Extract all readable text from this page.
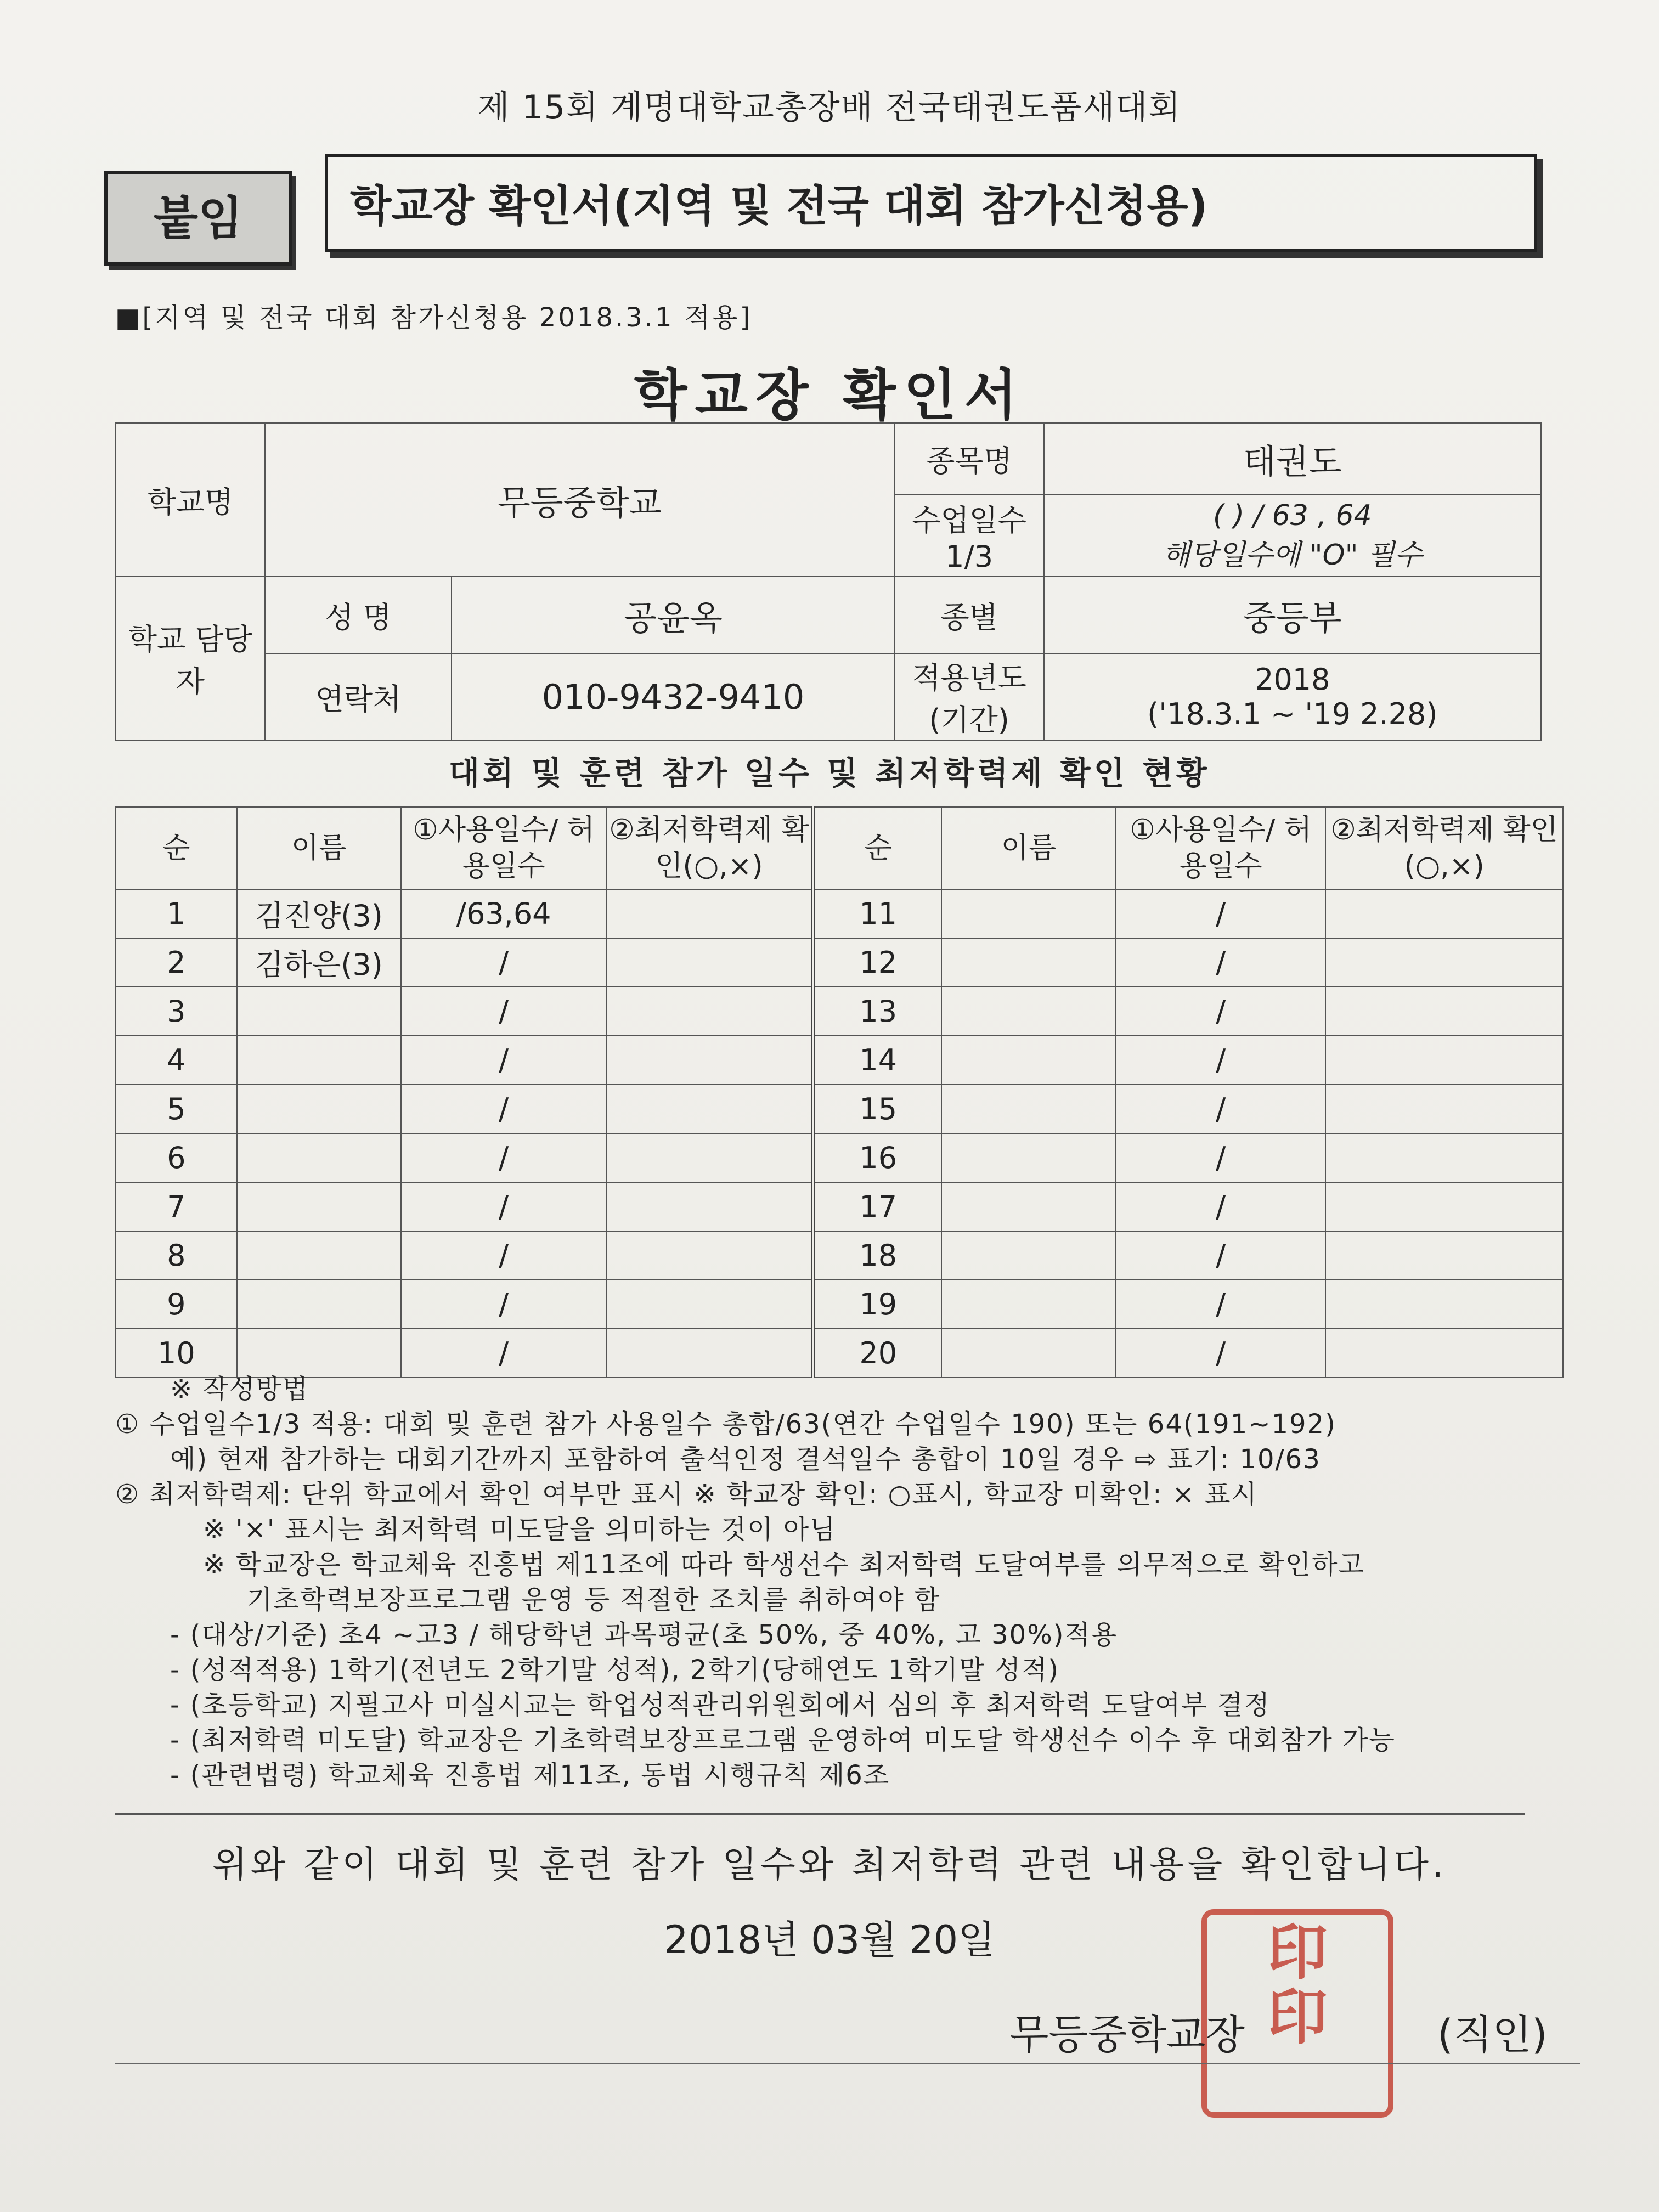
제 15회 계명대학교총장배 전국태권도품새대회
붙임	학교장 확인서(지역 및 전국 대회 참가신청용)
■[지역 및 전국 대회 참가신청용 2018.3.1 적용]
학교장 확인서
학교명	무등중학교		종목명	태권도
			수업일수 1/3	( ) / 63 , 64
해당일수에 "O" 필수

학교 담당자	성 명	공윤옥	종별	중등부
	연락처	010-9432-9410	적용년도 (기간)	2018
('18.3.1 ~ '19 2.28)
대회 및 훈련 참가 일수 및 최저학력제 확인 현황
순	이름	①사용일수/ 허용일수	②최저학력제 확인(○,×)	순	이름	①사용일수/ 허용일수	②최저학력제 확인(○,×)
1	김진양(3)	/63,64		11		/	
2	김하은(3)	/		12		/	
3		/		13		/	
4		/		14		/	
5		/		15		/	
6		/		16		/	
7		/		17		/	
8		/		18		/	
9		/		19		/	
10		/		20		/	

※ 작성방법

① 수업일수1/3 적용: 대회 및 훈련 참가 사용일수 총합/63(연간 수업일수 190) 또는 64(191~192)

예) 현재 참가하는 대회기간까지 포함하여 출석인정 결석일수 총합이 10일 경우 ⇨ 표기: 10/63

② 최저학력제: 단위 학교에서 확인 여부만 표시 ※ 학교장 확인: ○표시, 학교장 미확인: × 표시

※ '×' 표시는 최저학력 미도달을 의미하는 것이 아님

※ 학교장은 학교체육 진흥법 제11조에 따라 학생선수 최저학력 도달여부를 의무적으로 확인하고

기초학력보장프로그램 운영 등 적절한 조치를 취하여야 함

- (대상/기준) 초4 ~고3 / 해당학년 과목평균(초 50%, 중 40%, 고 30%)적용

- (성적적용) 1학기(전년도 2학기말 성적), 2학기(당해연도 1학기말 성적)

- (초등학교) 지필고사 미실시교는 학업성적관리위원회에서 심의 후 최저학력 도달여부 결정

- (최저학력 미도달) 학교장은 기초학력보장프로그램 운영하여 미도달 학생선수 이수 후 대회참가 가능

- (관련법령) 학교체육 진흥법 제11조, 동법 시행규칙 제6조

위와 같이 대회 및 훈련 참가 일수와 최저학력 관련 내용을 확인합니다.
2018년 03월 20일	印
印
무등중학교장	(직인)
